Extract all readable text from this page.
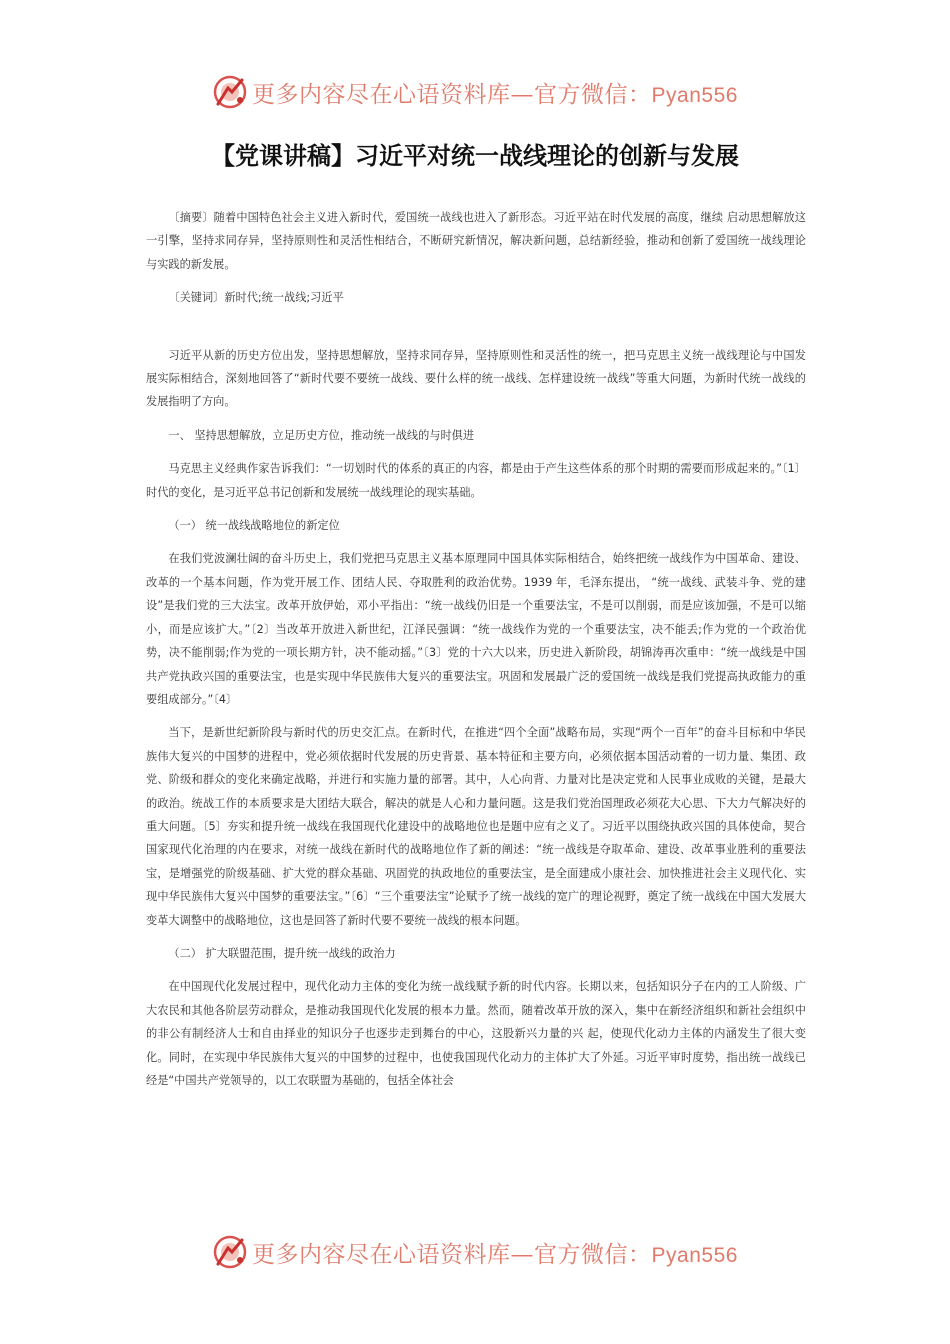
更多内容尽在心语资料库—官方微信：Pyan556
【党课讲稿】习近平对统一战线理论的创新与发展

〔摘要〕随着中国特色社会主义进入新时代，爱国统一战线也进入了新形态。习近平站在时代发展的高度，继续 启动思想解放这一引擎，坚持求同存异，坚持原则性和灵活性相结合，不断研究新情况，解决新问题，总结新经验，推动和创新了爱国统一战线理论与实践的新发展。

〔关键词〕新时代;统一战线;习近平

习近平从新的历史方位出发，坚持思想解放，坚持求同存异，坚持原则性和灵活性的统一，把马克思主义统一战线理论与中国发展实际相结合，深刻地回答了“新时代要不要统一战线、要什么样的统一战线、怎样建设统一战线”等重大问题，为新时代统一战线的发展指明了方向。

一、 坚持思想解放，立足历史方位，推动统一战线的与时俱进

马克思主义经典作家告诉我们：“一切划时代的体系的真正的内容，都是由于产生这些体系的那个时期的需要而形成起来的。”〔1〕时代的变化，是习近平总书记创新和发展统一战线理论的现实基础。

（一） 统一战线战略地位的新定位

在我们党波澜壮阔的奋斗历史上，我们党把马克思主义基本原理同中国具体实际相结合，始终把统一战线作为中国革命、建设、改革的一个基本问题，作为党开展工作、团结人民、夺取胜利的政治优势。1939 年，毛泽东提出， “统一战线、武装斗争、党的建设”是我们党的三大法宝。改革开放伊始，邓小平指出：“统一战线仍旧是一个重要法宝，不是可以削弱，而是应该加强，不是可以缩小，而是应该扩大。”〔2〕当改革开放进入新世纪，江泽民强调：“统一战线作为党的一个重要法宝，决不能丢;作为党的一个政治优势，决不能削弱;作为党的一项长期方针，决不能动摇。”〔3〕党的十六大以来，历史进入新阶段，胡锦涛再次重申：“统一战线是中国共产党执政兴国的重要法宝，也是实现中华民族伟大复兴的重要法宝。巩固和发展最广泛的爱国统一战线是我们党提高执政能力的重要组成部分。”〔4〕

当下，是新世纪新阶段与新时代的历史交汇点。在新时代，在推进“四个全面”战略布局，实现“两个一百年”的奋斗目标和中华民族伟大复兴的中国梦的进程中，党必须依据时代发展的历史背景、基本特征和主要方向，必须依据本国活动着的一切力量、集团、政党、阶级和群众的变化来确定战略，并进行和实施力量的部署。其中，人心向背、力量对比是决定党和人民事业成败的关键，是最大的政治。统战工作的本质要求是大团结大联合，解决的就是人心和力量问题。这是我们党治国理政必须花大心思、下大力气解决好的重大问题。〔5〕夯实和提升统一战线在我国现代化建设中的战略地位也是题中应有之义了。习近平以围绕执政兴国的具体使命，契合国家现代化治理的内在要求，对统一战线在新时代的战略地位作了新的阐述：“统一战线是夺取革命、建设、改革事业胜利的重要法宝，是增强党的阶级基础、扩大党的群众基础、巩固党的执政地位的重要法宝，是全面建成小康社会、加快推进社会主义现代化、实现中华民族伟大复兴中国梦的重要法宝。”〔6〕“三个重要法宝”论赋予了统一战线的宽广的理论视野，奠定了统一战线在中国大发展大变革大调整中的战略地位，这也是回答了新时代要不要统一战线的根本问题。

（二） 扩大联盟范围，提升统一战线的政治力

在中国现代化发展过程中，现代化动力主体的变化为统一战线赋予新的时代内容。长期以来，包括知识分子在内的工人阶级、广大农民和其他各阶层劳动群众，是推动我国现代化发展的根本力量。然而，随着改革开放的深入，集中在新经济组织和新社会组织中的非公有制经济人士和自由择业的知识分子也逐步走到舞台的中心，这股新兴力量的兴 起，使现代化动力主体的内涵发生了很大变化。同时，在实现中华民族伟大复兴的中国梦的过程中，也使我国现代化动力的主体扩大了外延。习近平审时度势，指出统一战线已经是“中国共产党领导的，以工农联盟为基础的，包括全体社会

更多内容尽在心语资料库—官方微信：Pyan556
